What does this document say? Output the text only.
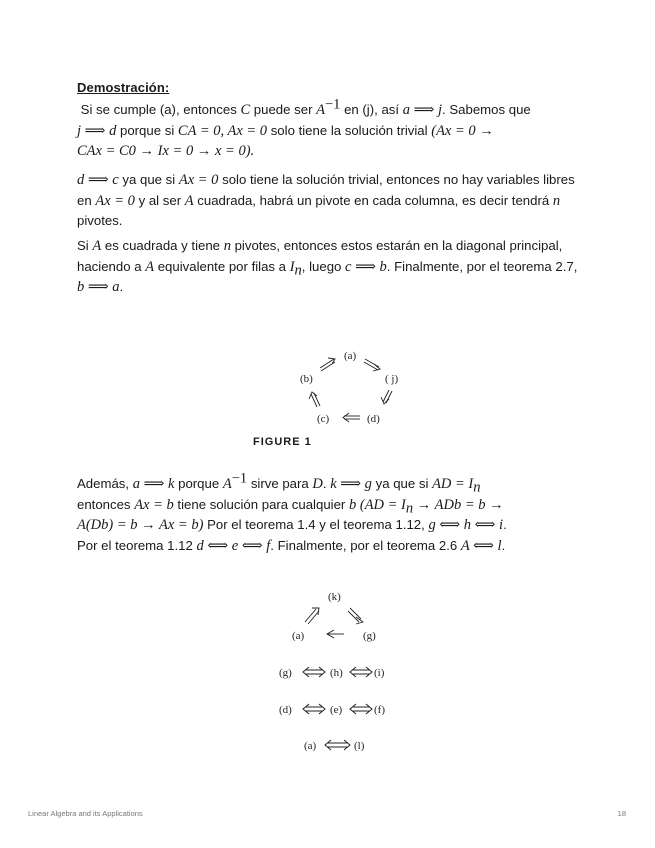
Demostración:
Si se cumple (a), entonces C puede ser $A^{-1}$ en (j), así a ⟹ j. Sabemos que
j ⟹ d porque si CA = 0, Ax = 0 solo tiene la solución trivial (Ax = 0 →
CAx = C0 → Ix = 0 → x = 0).
d ⟹ c ya que si Ax = 0 solo tiene la solución trivial, entonces no hay variables libres en Ax = 0 y al ser A cuadrada, habrá un pivote en cada columna, es decir tendrá n pivotes.
Si A es cuadrada y tiene n pivotes, entonces estos estarán en la diagonal principal, haciendo a A equivalente por filas a $I_n$, luego c ⟹ b. Finalmente, por el teorema 2.7, b ⟹ a.
(a)
(b)	( j)
(c)	(d)
FIGURE 1
Además, a ⟹ k porque $A^{-1}$ sirve para D. k ⟹ g ya que si AD = $I_n$
entonces Ax = b tiene solución para cualquier b ($AD = I_n$ → ADb = b →
A(Db) = b → Ax = b) Por el teorema 1.4 y el teorema 1.12, g ⟺ h ⟺ i.
Por el teorema 1.12 d ⟺ e ⟺ f. Finalmente, por el teorema 2.6 A ⟺ l.
(k)
(a)	(g)
(g)	(h)	(i)
(d)	(e)	(f)
(a)	(l)
Linear Algebra and its Applications	18
